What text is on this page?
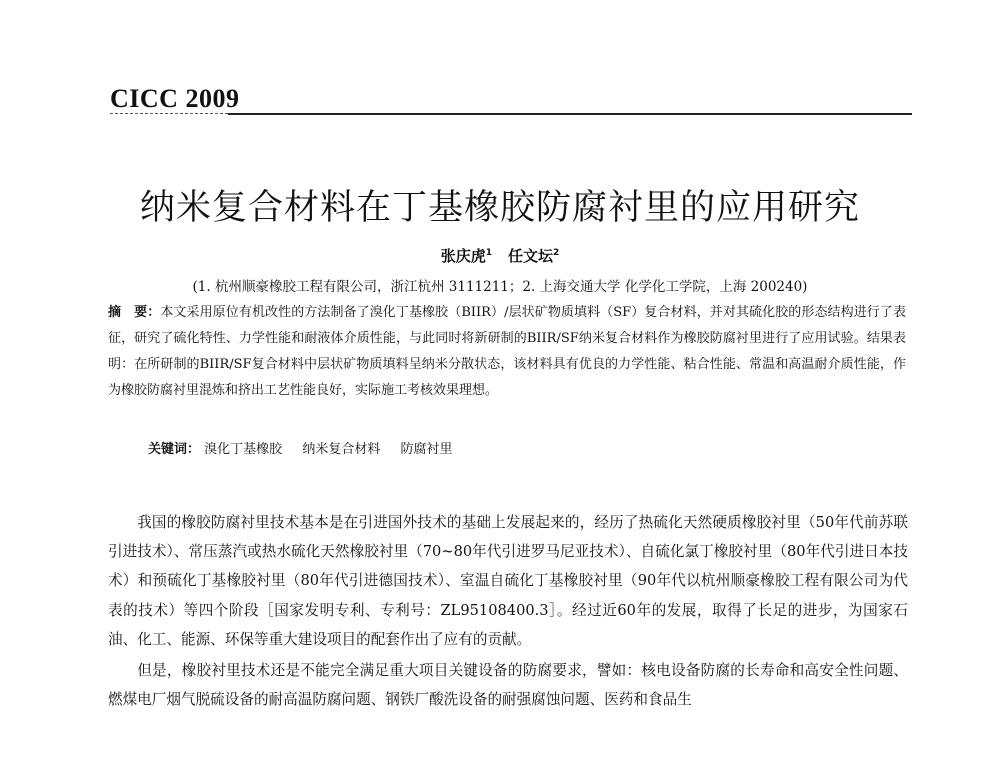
CICC 2009
纳米复合材料在丁基橡胶防腐衬里的应用研究
张庆虎$^1$ 任文坛$^2$
(1. 杭州顺豪橡胶工程有限公司，浙江杭州 3111211；2. 上海交通大学 化学化工学院，上海 200240)
摘　要：本文采用原位有机改性的方法制备了溴化丁基橡胶（BIIR）/层状矿物质填料（SF）复合材料，并对其硫化胶的形态结构进行了表征，研究了硫化特性、力学性能和耐液体介质性能，与此同时将新研制的BIIR/SF纳米复合材料作为橡胶防腐衬里进行了应用试验。结果表明：在所研制的BIIR/SF复合材料中层状矿物质填料呈纳米分散状态，该材料具有优良的力学性能、粘合性能、常温和高温耐介质性能，作为橡胶防腐衬里混炼和挤出工艺性能良好，实际施工考核效果理想。
关键词： 溴化丁基橡胶 纳米复合材料 防腐衬里

我国的橡胶防腐衬里技术基本是在引进国外技术的基础上发展起来的，经历了热硫化天然硬质橡胶衬里（50年代前苏联引进技术）、常压蒸汽或热水硫化天然橡胶衬里（70~80年代引进罗马尼亚技术）、自硫化氯丁橡胶衬里（80年代引进日本技术）和预硫化丁基橡胶衬里（80年代引进德国技术）、室温自硫化丁基橡胶衬里（90年代以杭州顺豪橡胶工程有限公司为代表的技术）等四个阶段［国家发明专利、专利号：ZL95108400.3］。经过近60年的发展，取得了长足的进步，为国家石油、化工、能源、环保等重大建设项目的配套作出了应有的贡献。

但是，橡胶衬里技术还是不能完全满足重大项目关键设备的防腐要求，譬如：核电设备防腐的长寿命和高安全性问题、燃煤电厂烟气脱硫设备的耐高温防腐问题、钢铁厂酸洗设备的耐强腐蚀问题、医药和食品生
